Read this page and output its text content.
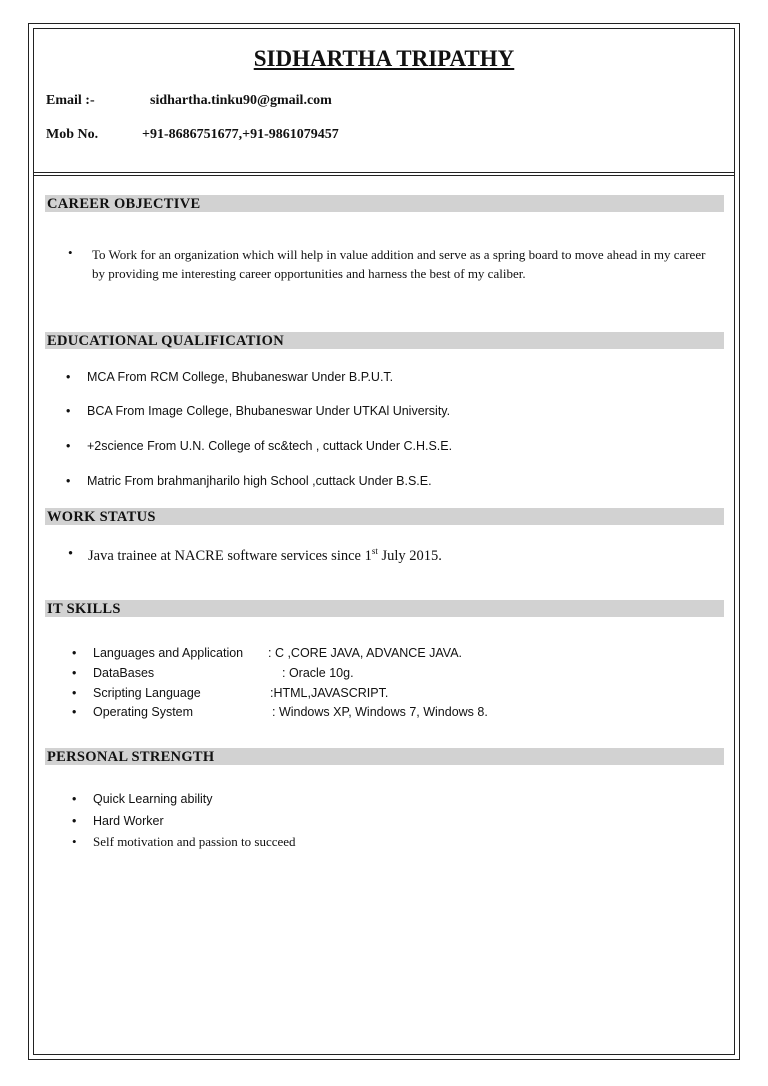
SIDHARTHA TRIPATHY
Email :-	sidhartha.tinku90@gmail.com
Mob No.	+91-8686751677,+91-9861079457
CAREER OBJECTIVE
• To Work for an organization which will help in value addition and serve as a spring board to move ahead in my career by providing me interesting career opportunities and harness the best of my caliber.
EDUCATIONAL QUALIFICATION
• MCA From RCM College, Bhubaneswar Under B.P.U.T.
• BCA From Image College, Bhubaneswar Under UTKAl University.
• +2science From U.N. College of sc&tech , cuttack Under C.H.S.E.
• Matric From brahmanjharilo high School ,cuttack Under B.S.E.
WORK STATUS
• Java trainee at NACRE software services since 1st July 2015.
IT SKILLS
• Languages and Application : C ,CORE JAVA, ADVANCE JAVA.
• DataBases	: Oracle 10g.
• Scripting Language	:HTML,JAVASCRIPT.
• Operating System	: Windows XP, Windows 7, Windows 8.
PERSONAL STRENGTH
• Quick Learning ability
• Hard Worker
• Self motivation and passion to succeed
